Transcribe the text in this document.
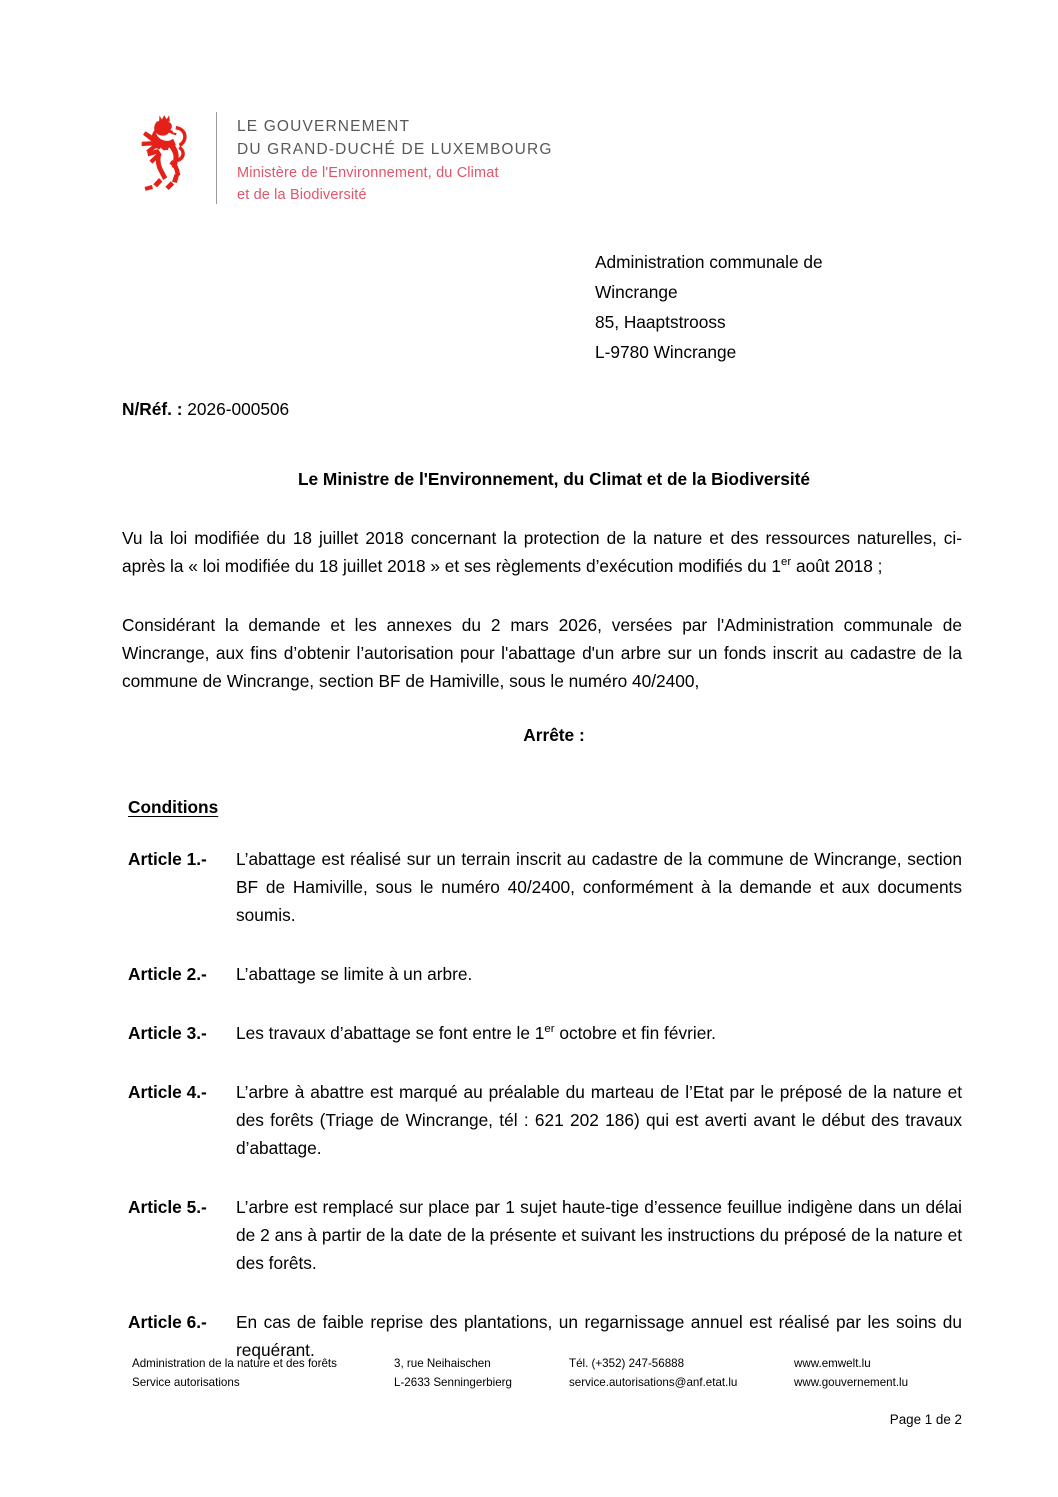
LE GOUVERNEMENT
DU GRAND-DUCHÉ DE LUXEMBOURG
Ministère de l'Environnement, du Climat
et de la Biodiversité
Administration communale de
Wincrange
85, Haaptstrooss
L-9780 Wincrange
N/Réf. : 2026-000506
Le Ministre de l'Environnement, du Climat et de la Biodiversité
Vu la loi modifiée du 18 juillet 2018 concernant la protection de la nature et des ressources naturelles, ci-après la « loi modifiée du 18 juillet 2018 » et ses règlements d’exécution modifiés du 1er août 2018 ;
Considérant la demande et les annexes du 2 mars 2026, versées par l'Administration communale de Wincrange, aux fins d’obtenir l’autorisation pour l'abattage d'un arbre sur un fonds inscrit au cadastre de la commune de Wincrange, section BF de Hamiville, sous le numéro 40/2400,
Arrête :
Conditions
Article 1.-	L’abattage est réalisé sur un terrain inscrit au cadastre de la commune de Wincrange, section BF de Hamiville, sous le numéro 40/2400, conformément à la demande et aux documents soumis.
Article 2.-	L’abattage se limite à un arbre.
Article 3.-	Les travaux d’abattage se font entre le 1er octobre et fin février.
Article 4.-	L’arbre à abattre est marqué au préalable du marteau de l’Etat par le préposé de la nature et des forêts (Triage de Wincrange, tél : 621 202 186) qui est averti avant le début des travaux d’abattage.
Article 5.-	L’arbre est remplacé sur place par 1 sujet haute-tige d’essence feuillue indigène dans un délai de 2 ans à partir de la date de la présente et suivant les instructions du préposé de la nature et des forêts.
Article 6.-	En cas de faible reprise des plantations, un regarnissage annuel est réalisé par les soins du requérant.
Administration de la nature et des forêts
Service autorisations
3, rue Neihaischen
L-2633 Senningerbierg
Tél. (+352) 247-56888
service.autorisations@anf.etat.lu
www.emwelt.lu
www.gouvernement.lu
Page 1 de 2
